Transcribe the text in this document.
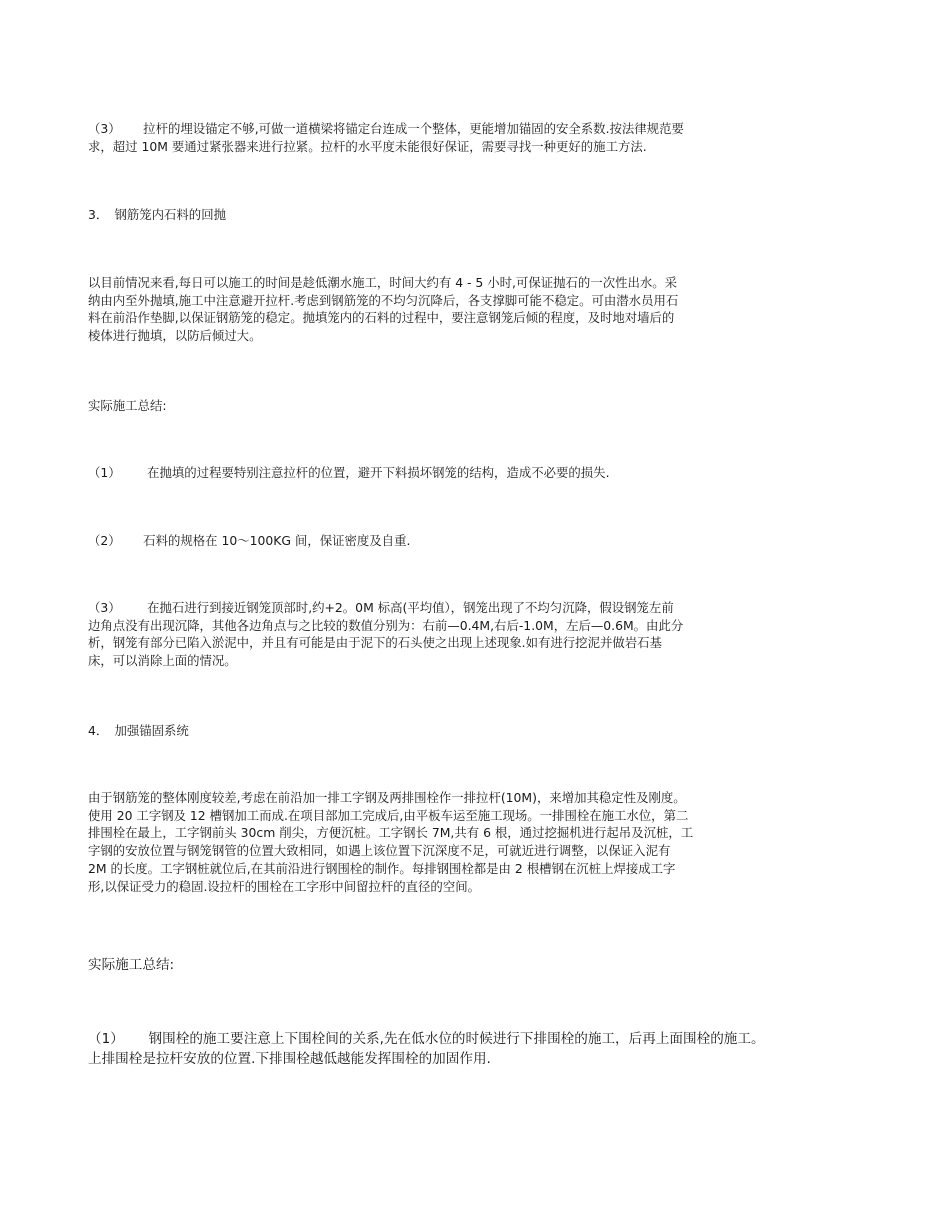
（3）　 　拉杆的埋设锚定不够,可做一道横梁将锚定台连成一个整体，更能增加锚固的安全系数.按法律规范要
求，超过 10M 要通过紧张器来进行拉紧。拉杆的水平度未能很好保证，需要寻找一种更好的施工方法.

3．　钢筋笼内石料的回抛

以目前情况来看,每日可以施工的时间是趁低潮水施工，时间大约有 4 - 5 小时,可保证抛石的一次性出水。采
纳由内至外抛填,施工中注意避开拉杆.考虑到钢筋笼的不均匀沉降后，各支撑脚可能不稳定。可由潜水员用石
料在前沿作垫脚,以保证钢筋笼的稳定。抛填笼内的石料的过程中，要注意钢笼后倾的程度，及时地对墙后的
棱体进行抛填，以防后倾过大。

实际施工总结:

（1）　 　 在抛填的过程要特别注意拉杆的位置，避开下料损坏钢笼的结构，造成不必要的损失.

（2）　 　石料的规格在 10～100KG 间，保证密度及自重.

（3）　 　 在抛石进行到接近钢笼顶部时,约+2。0M 标高(平均值），钢笼出现了不均匀沉降，假设钢笼左前
边角点没有出现沉降，其他各边角点与之比较的数值分别为：右前—0.4M,右后-1.0M，左后—0.6M。由此分
析，钢笼有部分已陷入淤泥中，并且有可能是由于泥下的石头使之出现上述现象.如有进行挖泥并做岩石基
床，可以消除上面的情况。

4．　加强锚固系统

由于钢筋笼的整体刚度较差,考虑在前沿加一排工字钢及两排围栓作一排拉杆(10M)，来增加其稳定性及刚度。
使用 20 工字钢及 12 槽钢加工而成.在项目部加工完成后,由平板车运至施工现场。一排围栓在施工水位，第二
排围栓在最上，工字钢前头 30cm 削尖，方便沉桩。工字钢长 7M,共有 6 根，通过挖掘机进行起吊及沉桩，工
字钢的安放位置与钢笼钢管的位置大致相同，如遇上该位置下沉深度不足，可就近进行调整，以保证入泥有
2M 的长度。工字钢桩就位后,在其前沿进行钢围栓的制作。每排钢围栓都是由 2 根槽钢在沉桩上焊接成工字
形,以保证受力的稳固.设拉杆的围栓在工字形中间留拉杆的直径的空间。

实际施工总结:

（1）　 　钢围栓的施工要注意上下围栓间的关系,先在低水位的时候进行下排围栓的施工，后再上面围栓的施工。
上排围栓是拉杆安放的位置.下排围栓越低越能发挥围栓的加固作用.
